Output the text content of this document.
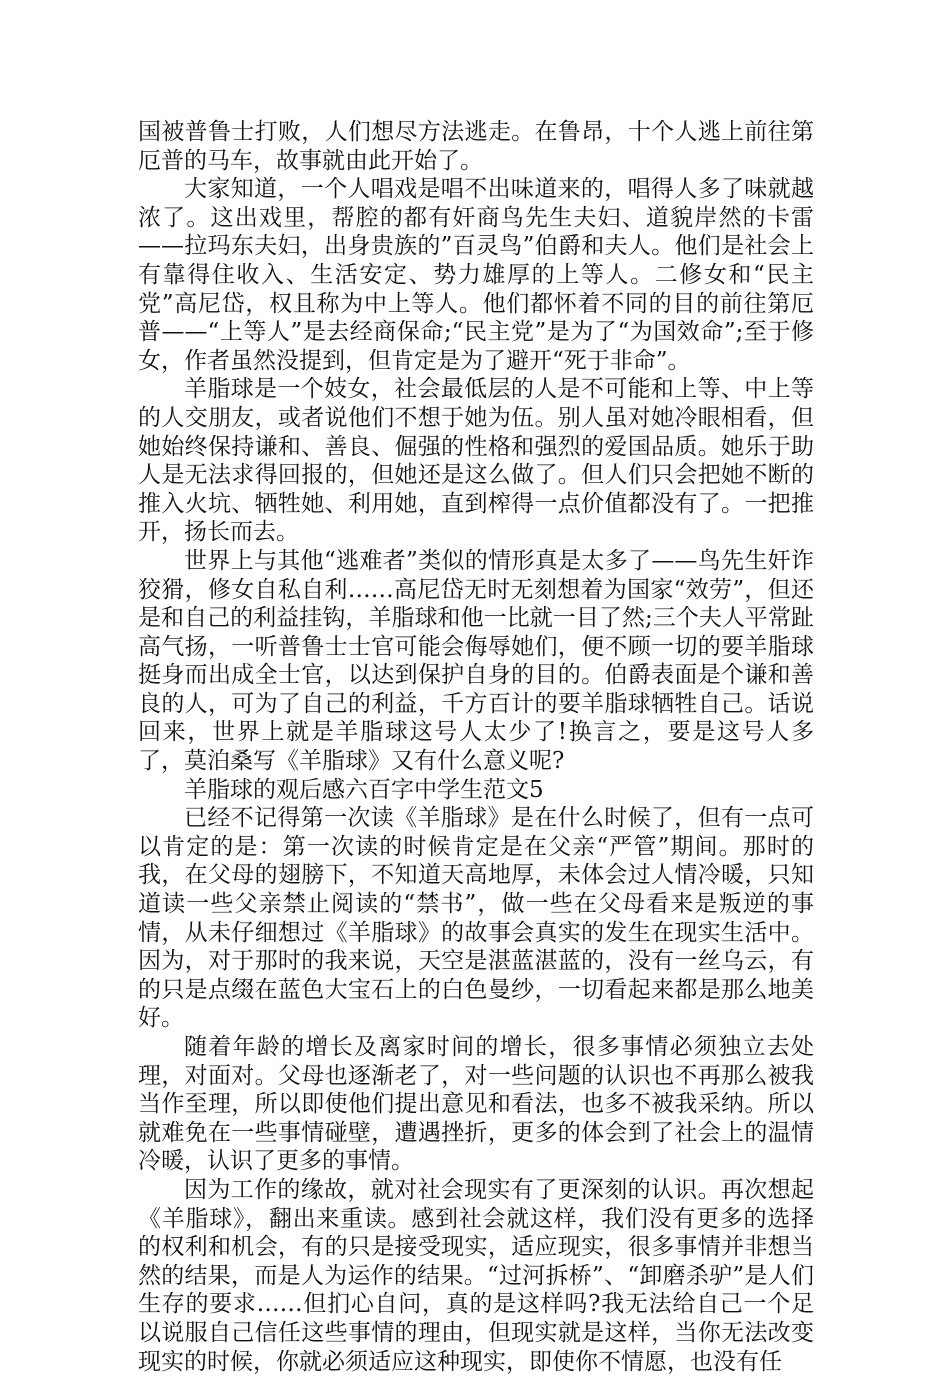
国被普鲁士打败，人们想尽方法逃走。在鲁昂，十个人逃上前往第厄普的马车，故事就由此开始了。

大家知道，一个人唱戏是唱不出味道来的，唱得人多了味就越浓了。这出戏里，帮腔的都有奸商鸟先生夫妇、道貌岸然的卡雷——拉玛东夫妇，出身贵族的”百灵鸟”伯爵和夫人。他们是社会上有靠得住收入、生活安定、势力雄厚的上等人。二修女和“民主党”高尼岱，权且称为中上等人。他们都怀着不同的目的前往第厄普——“上等人”是去经商保命;“民主党”是为了“为国效命”;至于修女，作者虽然没提到，但肯定是为了避开“死于非命”。

羊脂球是一个妓女，社会最低层的人是不可能和上等、中上等的人交朋友，或者说他们不想于她为伍。别人虽对她冷眼相看，但她始终保持谦和、善良、倔强的性格和强烈的爱国品质。她乐于助人是无法求得回报的，但她还是这么做了。但人们只会把她不断的推入火坑、牺牲她、利用她，直到榨得一点价值都没有了。一把推开，扬长而去。

世界上与其他“逃难者”类似的情形真是太多了——鸟先生奸诈狡猾，修女自私自利……高尼岱无时无刻想着为国家“效劳”，但还是和自己的利益挂钩，羊脂球和他一比就一目了然;三个夫人平常趾高气扬，一听普鲁士士官可能会侮辱她们，便不顾一切的要羊脂球挺身而出成全士官，以达到保护自身的目的。伯爵表面是个谦和善良的人，可为了自己的利益，千方百计的要羊脂球牺牲自己。话说回来，世界上就是羊脂球这号人太少了!换言之，要是这号人多了，莫泊桑写《羊脂球》又有什么意义呢?

羊脂球的观后感六百字中学生范文5

已经不记得第一次读《羊脂球》是在什么时候了，但有一点可以肯定的是：第一次读的时候肯定是在父亲“严管”期间。那时的我，在父母的翅膀下，不知道天高地厚，未体会过人情冷暖，只知道读一些父亲禁止阅读的“禁书”，做一些在父母看来是叛逆的事情，从未仔细想过《羊脂球》的故事会真实的发生在现实生活中。因为，对于那时的我来说，天空是湛蓝湛蓝的，没有一丝乌云，有的只是点缀在蓝色大宝石上的白色曼纱，一切看起来都是那么地美好。

随着年龄的增长及离家时间的增长，很多事情必须独立去处理，对面对。父母也逐渐老了，对一些问题的认识也不再那么被我当作至理，所以即使他们提出意见和看法，也多不被我采纳。所以就难免在一些事情碰壁，遭遇挫折，更多的体会到了社会上的温情冷暖，认识了更多的事情。

因为工作的缘故，就对社会现实有了更深刻的认识。再次想起《羊脂球》，翻出来重读。感到社会就这样，我们没有更多的选择的权利和机会，有的只是接受现实，适应现实，很多事情并非想当然的结果，而是人为运作的结果。“过河拆桥”、“卸磨杀驴”是人们生存的要求……但扪心自问，真的是这样吗?我无法给自己一个足以说服自己信任这些事情的理由，但现实就是这样，当你无法改变现实的时候，你就必须适应这种现实，即使你不情愿，也没有任
